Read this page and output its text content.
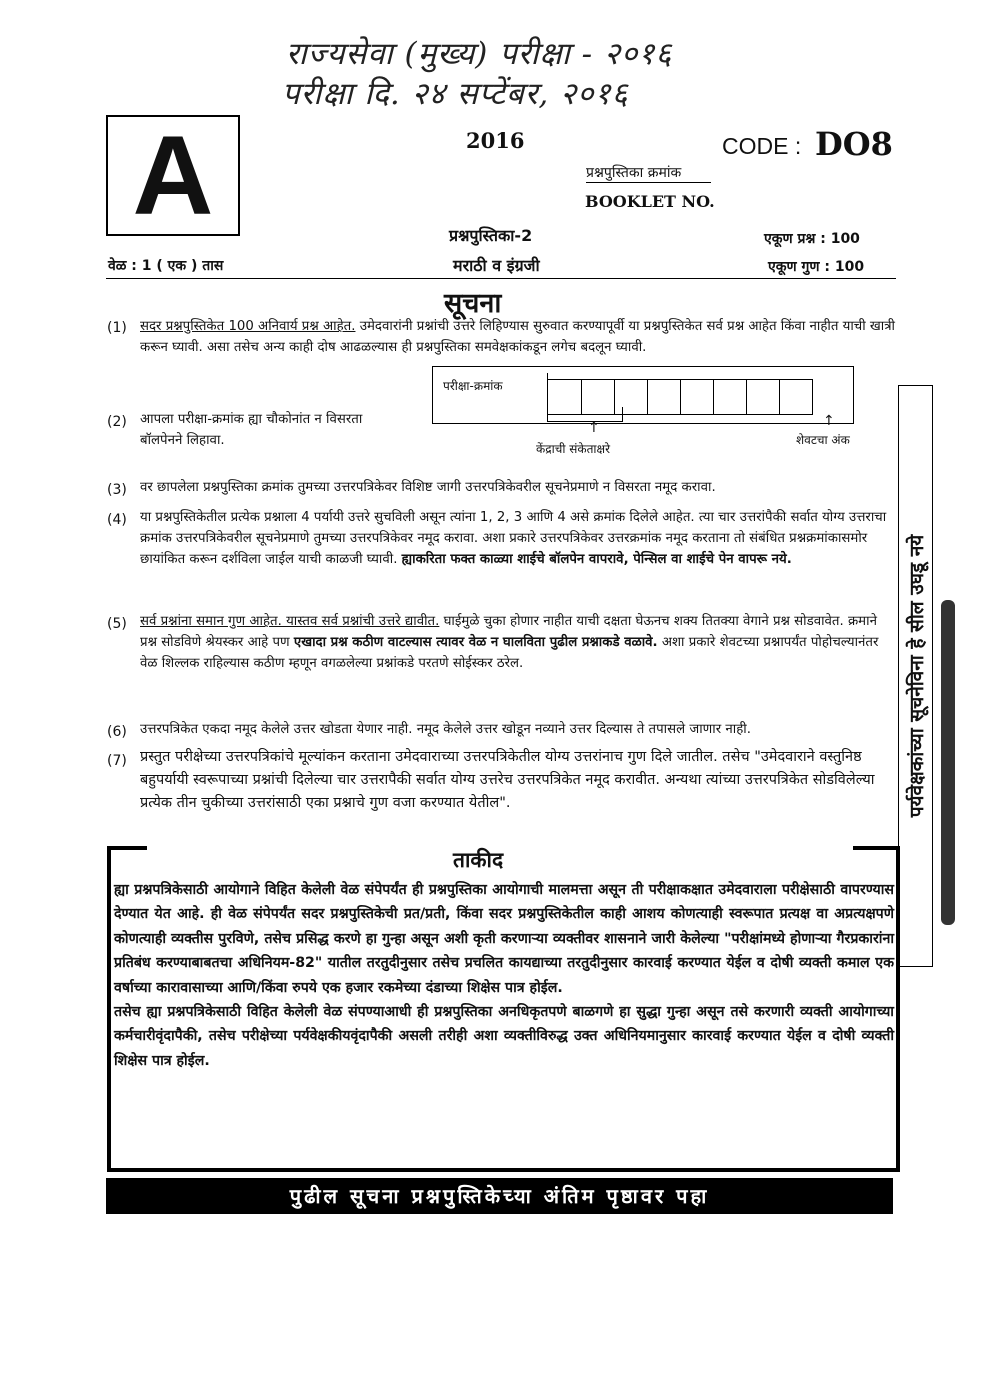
राज्यसेवा (मुख्य) परीक्षा - २०१६
परीक्षा दि. २४ सप्टेंबर, २०१६
A	2016	CODE : DO8
प्रश्नपुस्तिका क्रमांक
BOOKLET NO.
प्रश्नपुस्तिका-2
मराठी व इंग्रजी
वेळ : 1 ( एक ) तास
एकूण प्रश्न : 100
एकूण गुण : 100
सूचना
(1) सदर प्रश्नपुस्तिकेत 100 अनिवार्य प्रश्न आहेत. उमेदवारांनी प्रश्नांची उत्तरे लिहिण्यास सुरुवात करण्यापूर्वी या प्रश्नपुस्तिकेत सर्व प्रश्न आहेत किंवा नाहीत याची खात्री करून घ्यावी. असा तसेच अन्य काही दोष आढळल्यास ही प्रश्नपुस्तिका समवेक्षकांकडून लगेच बदलून घ्यावी.
परीक्षा-क्रमांक
↑
केंद्राची संकेताक्षरे
↑
शेवटचा अंक
(2) आपला परीक्षा-क्रमांक ह्या चौकोनांत न विसरता बॉलपेनने लिहावा.
(3) वर छापलेला प्रश्नपुस्तिका क्रमांक तुमच्या उत्तरपत्रिकेवर विशिष्ट जागी उत्तरपत्रिकेवरील सूचनेप्रमाणे न विसरता नमूद करावा.
(4) या प्रश्नपुस्तिकेतील प्रत्येक प्रश्नाला 4 पर्यायी उत्तरे सुचविली असून त्यांना 1, 2, 3 आणि 4 असे क्रमांक दिलेले आहेत. त्या चार उत्तरांपैकी सर्वात योग्य उत्तराचा क्रमांक उत्तरपत्रिकेवरील सूचनेप्रमाणे तुमच्या उत्तरपत्रिकेवर नमूद करावा. अशा प्रकारे उत्तरपत्रिकेवर उत्तरक्रमांक नमूद करताना तो संबंधित प्रश्नक्रमांकासमोर छायांकित करून दर्शविला जाईल याची काळजी घ्यावी. ह्याकरिता फक्त काळ्या शाईचे बॉलपेन वापरावे, पेन्सिल वा शाईचे पेन वापरू नये.
(5) सर्व प्रश्नांना समान गुण आहेत. यास्तव सर्व प्रश्नांची उत्तरे द्यावीत. घाईमुळे चुका होणार नाहीत याची दक्षता घेऊनच शक्य तितक्या वेगाने प्रश्न सोडवावेत. क्रमाने प्रश्न सोडविणे श्रेयस्कर आहे पण एखादा प्रश्न कठीण वाटल्यास त्यावर वेळ न घालविता पुढील प्रश्नाकडे वळावे. अशा प्रकारे शेवटच्या प्रश्नापर्यंत पोहोचल्यानंतर वेळ शिल्लक राहिल्यास कठीण म्हणून वगळलेल्या प्रश्नांकडे परतणे सोईस्कर ठरेल.
(6) उत्तरपत्रिकेत एकदा नमूद केलेले उत्तर खोडता येणार नाही. नमूद केलेले उत्तर खोडून नव्याने उत्तर दिल्यास ते तपासले जाणार नाही.
(7) प्रस्तुत परीक्षेच्या उत्तरपत्रिकांचे मूल्यांकन करताना उमेदवाराच्या उत्तरपत्रिकेतील योग्य उत्तरांनाच गुण दिले जातील. तसेच "उमेदवाराने वस्तुनिष्ठ बहुपर्यायी स्वरूपाच्या प्रश्नांची दिलेल्या चार उत्तरापैकी सर्वात योग्य उत्तरेच उत्तरपत्रिकेत नमूद करावीत. अन्यथा त्यांच्या उत्तरपत्रिकेत सोडविलेल्या प्रत्येक तीन चुकीच्या उत्तरांसाठी एका प्रश्नाचे गुण वजा करण्यात येतील".
ताकीद
ह्या प्रश्नपत्रिकेसाठी आयोगाने विहित केलेली वेळ संपेपर्यंत ही प्रश्नपुस्तिका आयोगाची मालमत्ता असून ती परीक्षाकक्षात उमेदवाराला परीक्षेसाठी वापरण्यास देण्यात येत आहे. ही वेळ संपेपर्यंत सदर प्रश्नपुस्तिकेची प्रत/प्रती, किंवा सदर प्रश्नपुस्तिकेतील काही आशय कोणत्याही स्वरूपात प्रत्यक्ष वा अप्रत्यक्षपणे कोणत्याही व्यक्तीस पुरविणे, तसेच प्रसिद्ध करणे हा गुन्हा असून अशी कृती करणाऱ्या व्यक्तीवर शासनाने जारी केलेल्या "परीक्षांमध्ये होणाऱ्या गैरप्रकारांना प्रतिबंध करण्याबाबतचा अधिनियम-82" यातील तरतुदीनुसार तसेच प्रचलित कायद्याच्या तरतुदीनुसार कारवाई करण्यात येईल व दोषी व्यक्ती कमाल एक वर्षाच्या कारावासाच्या आणि/किंवा रुपये एक हजार रकमेच्या दंडाच्या शिक्षेस पात्र होईल.
तसेच ह्या प्रश्नपत्रिकेसाठी विहित केलेली वेळ संपण्याआधी ही प्रश्नपुस्तिका अनधिकृतपणे बाळगणे हा सुद्धा गुन्हा असून तसे करणारी व्यक्ती आयोगाच्या कर्मचारीवृंदापैकी, तसेच परीक्षेच्या पर्यवेक्षकीयवृंदापैकी असली तरीही अशा व्यक्तीविरुद्ध उक्त अधिनियमानुसार कारवाई करण्यात येईल व दोषी व्यक्ती शिक्षेस पात्र होईल.
पुढील सूचना प्रश्नपुस्तिकेच्या अंतिम पृष्ठावर पहा
पर्यवेक्षकांच्या सूचनेविना हे सील उघडू नये
